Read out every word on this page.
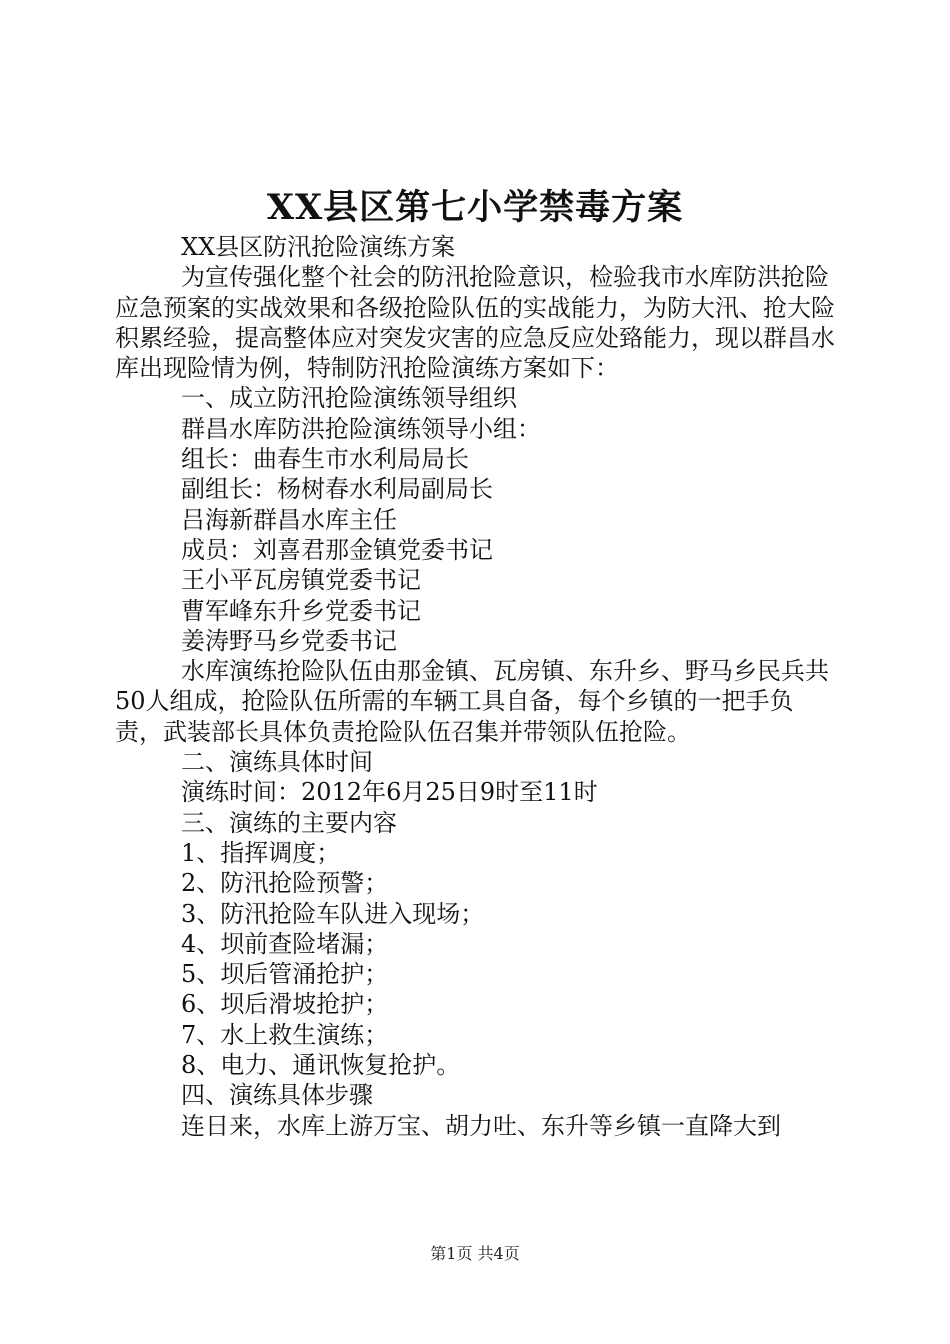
XX县区第七小学禁毒方案

XX县区防汛抢险演练方案

为宣传强化整个社会的防汛抢险意识，检验我市水库防洪抢险应急预案的实战效果和各级抢险队伍的实战能力，为防大汛、抢大险积累经验，提高整体应对突发灾害的应急反应处臵能力，现以群昌水库出现险情为例，特制防汛抢险演练方案如下：

一、成立防汛抢险演练领导组织

群昌水库防洪抢险演练领导小组：

组长：曲春生市水利局局长

副组长：杨树春水利局副局长

吕海新群昌水库主任

成员：刘喜君那金镇党委书记

王小平瓦房镇党委书记

曹军峰东升乡党委书记

姜涛野马乡党委书记

水库演练抢险队伍由那金镇、瓦房镇、东升乡、野马乡民兵共50人组成，抢险队伍所需的车辆工具自备，每个乡镇的一把手负责，武装部长具体负责抢险队伍召集并带领队伍抢险。

二、演练具体时间

演练时间：2012年6月25日9时至11时

三、演练的主要内容

1、指挥调度；

2、防汛抢险预警；

3、防汛抢险车队进入现场；

4、坝前查险堵漏；

5、坝后管涌抢护；

6、坝后滑坡抢护；

7、水上救生演练；

8、电力、通讯恢复抢护。

四、演练具体步骤

连日来，水库上游万宝、胡力吐、东升等乡镇一直降大到

第1页 共4页
